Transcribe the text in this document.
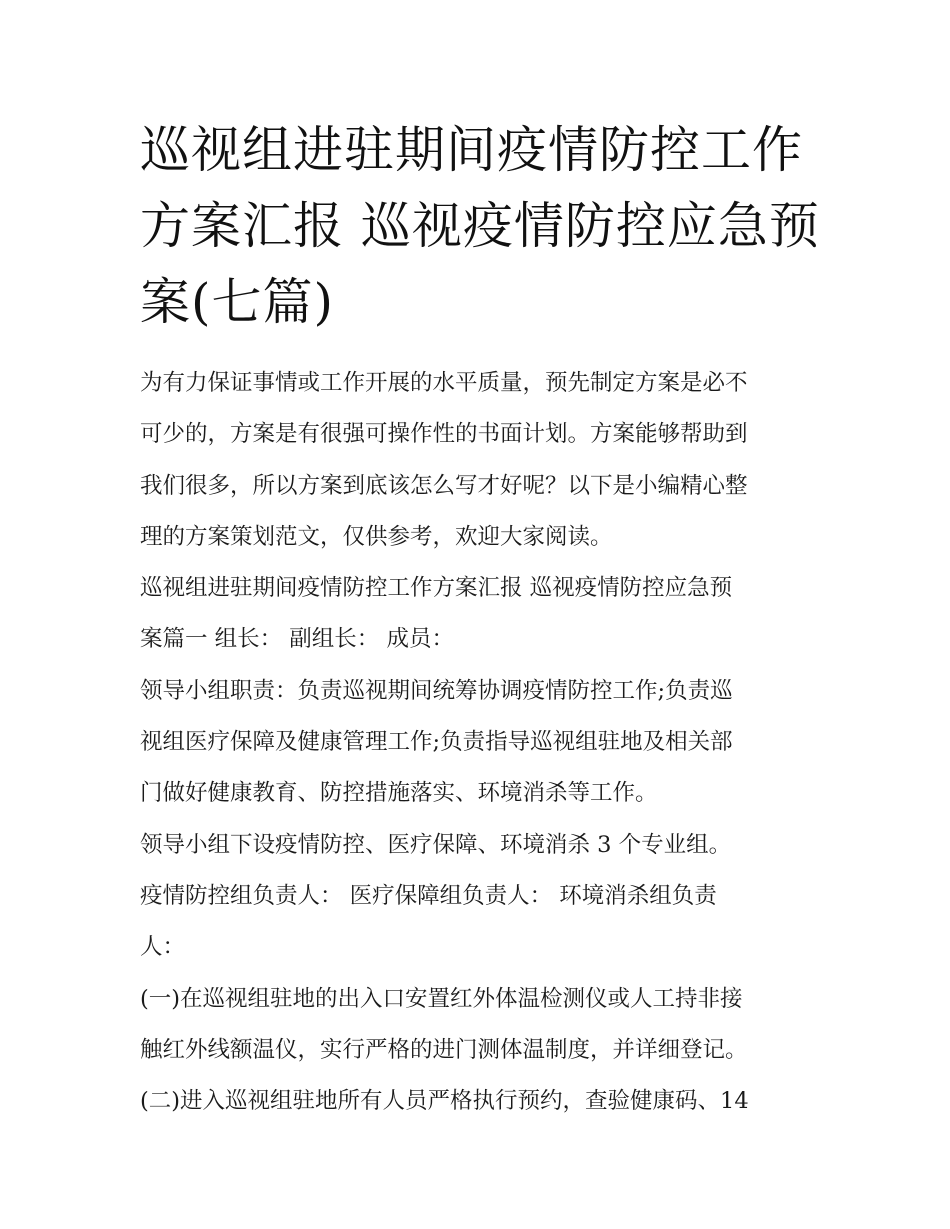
巡视组进驻期间疫情防控工作
方案汇报 巡视疫情防控应急预
案(七篇)
为有力保证事情或工作开展的水平质量，预先制定方案是必不
可少的，方案是有很强可操作性的书面计划。方案能够帮助到
我们很多，所以方案到底该怎么写才好呢？以下是小编精心整
理的方案策划范文，仅供参考，欢迎大家阅读。
巡视组进驻期间疫情防控工作方案汇报 巡视疫情防控应急预
案篇一 组长： 副组长： 成员：
领导小组职责：负责巡视期间统筹协调疫情防控工作;负责巡
视组医疗保障及健康管理工作;负责指导巡视组驻地及相关部
门做好健康教育、防控措施落实、环境消杀等工作。
领导小组下设疫情防控、医疗保障、环境消杀 3 个专业组。
疫情防控组负责人： 医疗保障组负责人： 环境消杀组负责
人：
(一)在巡视组驻地的出入口安置红外体温检测仪或人工持非接
触红外线额温仪，实行严格的进门测体温制度，并详细登记。
(二)进入巡视组驻地所有人员严格执行预约，查验健康码、14
